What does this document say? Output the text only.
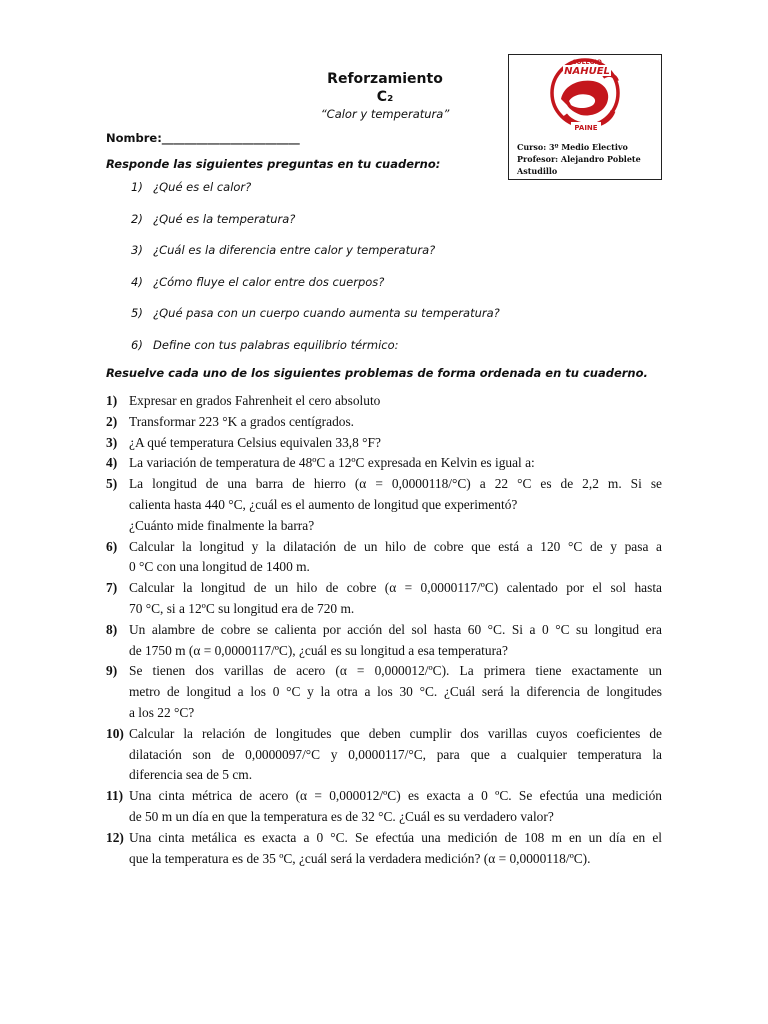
Reforzamiento

C₂

“Calor y temperatura”

COLEGIO
NAHUEL
PAINE
Curso: 3º Medio Electivo
Profesor: Alejandro Poblete
Astudillo
Nombre:________________________
Responde las siguientes preguntas en tu cuaderno:
1) ¿Qué es el calor?
2) ¿Qué es la temperatura?
3) ¿Cuál es la diferencia entre calor y temperatura?
4) ¿Cómo fluye el calor entre dos cuerpos?
5) ¿Qué pasa con un cuerpo cuando aumenta su temperatura?
6) Define con tus palabras equilibrio térmico:
Resuelve cada uno de los siguientes problemas de forma ordenada en tu cuaderno.
1) Expresar en grados Fahrenheit el cero absoluto
2) Transformar 223 °K a grados centígrados.
3) ¿A qué temperatura Celsius equivalen 33,8 °F?
4) La variación de temperatura de 48ºC a 12ºC expresada en Kelvin es igual a:
5) La longitud de una barra de hierro (α = 0,0000118/°C) a 22 °C es de 2,2 m. Si se
calienta hasta 440 °C, ¿cuál es el aumento de longitud que experimentó?
¿Cuánto mide finalmente la barra?
6) Calcular la longitud y la dilatación de un hilo de cobre que está a 120 °C de y pasa a
0 °C con una longitud de 1400 m.
7) Calcular la longitud de un hilo de cobre (α = 0,0000117/ºC) calentado por el sol hasta
70 °C, si a 12ºC su longitud era de 720 m.
8) Un alambre de cobre se calienta por acción del sol hasta 60 °C. Si a 0 °C su longitud era
de 1750 m (α = 0,0000117/ºC), ¿cuál es su longitud a esa temperatura?
9) Se tienen dos varillas de acero (α = 0,000012/ºC). La primera tiene exactamente un
metro de longitud a los 0 °C y la otra a los 30 °C. ¿Cuál será la diferencia de longitudes
a los 22 °C?
10) Calcular la relación de longitudes que deben cumplir dos varillas cuyos coeficientes de
dilatación son de 0,0000097/°C y 0,0000117/°C, para que a cualquier temperatura la
diferencia sea de 5 cm.
11) Una cinta métrica de acero (α = 0,000012/ºC) es exacta a 0 ºC. Se efectúa una medición
de 50 m un día en que la temperatura es de 32 °C. ¿Cuál es su verdadero valor?
12) Una cinta metálica es exacta a 0 °C. Se efectúa una medición de 108 m en un día en el
que la temperatura es de 35 ºC, ¿cuál será la verdadera medición? (α = 0,0000118/ºC).
